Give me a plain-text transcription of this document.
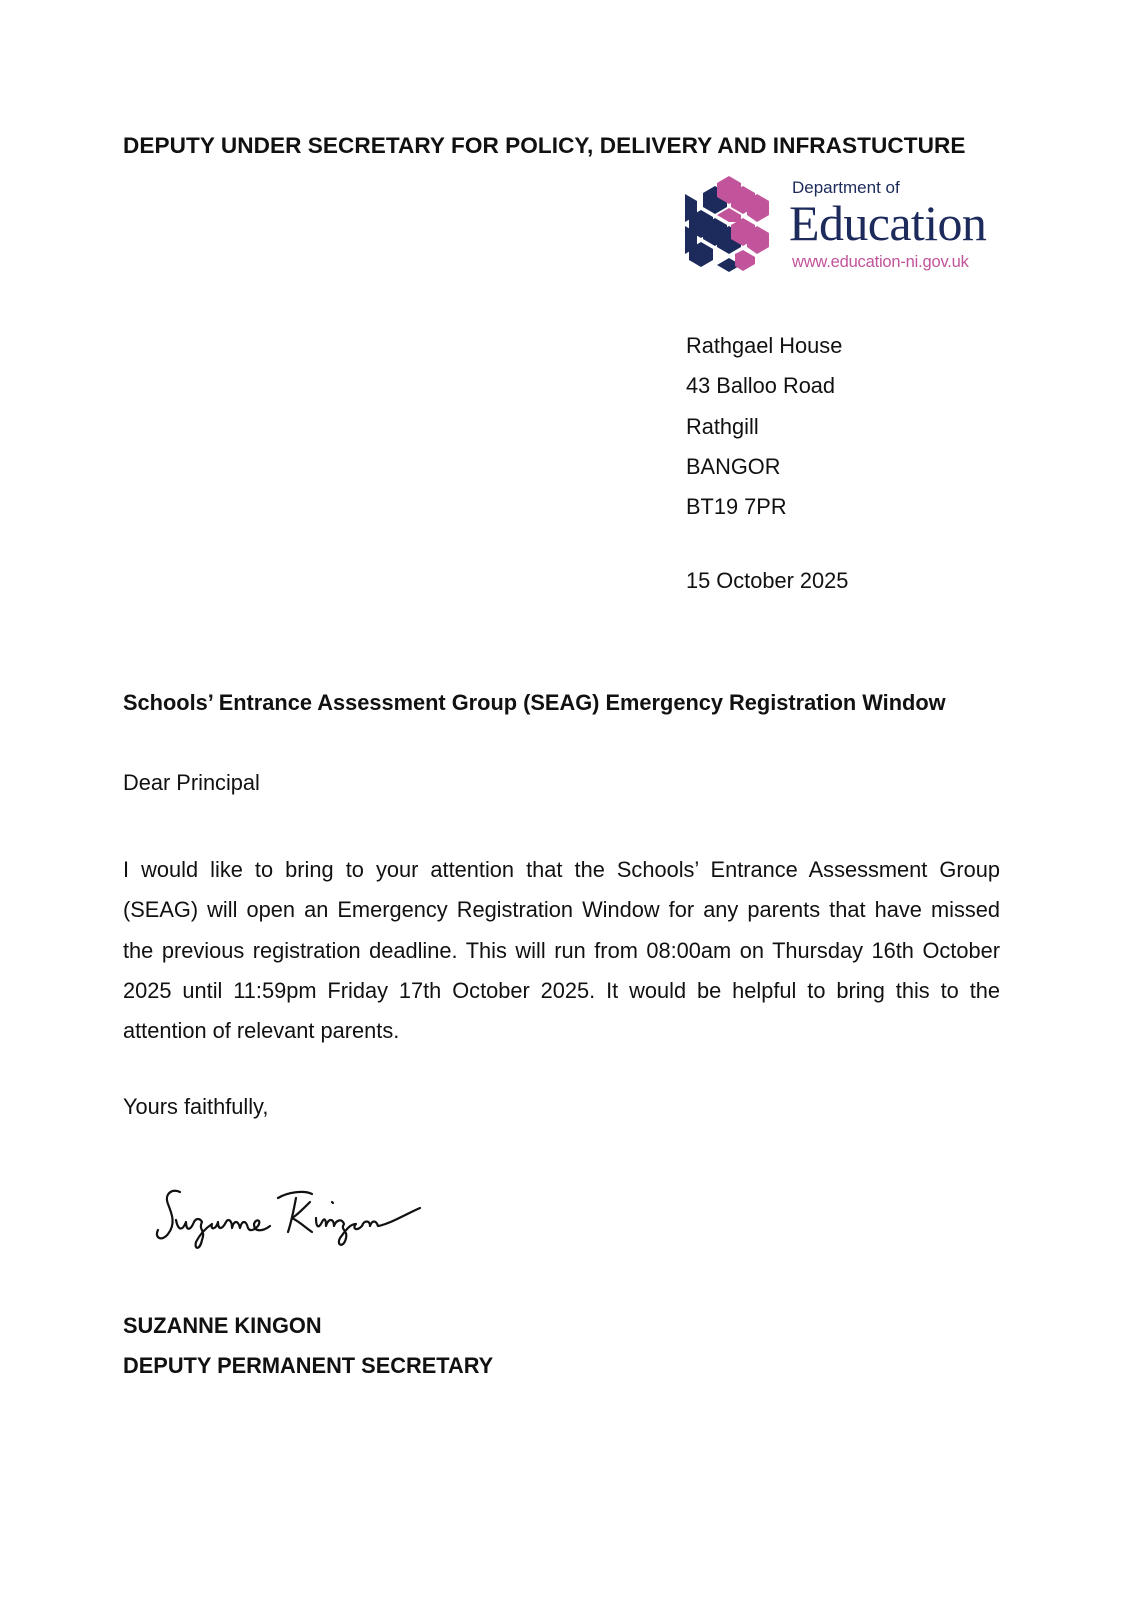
DEPUTY UNDER SECRETARY FOR POLICY, DELIVERY AND INFRASTUCTURE
Department of
Education
www.education-ni.gov.uk
Rathgael House
43 Balloo Road
Rathgill
BANGOR
BT19 7PR
15 October 2025
Schools’ Entrance Assessment Group (SEAG) Emergency Registration Window
Dear Principal
I would like to bring to your attention that the Schools’ Entrance Assessment Group (SEAG) will open an Emergency Registration Window for any parents that have missed the previous registration deadline. This will run from 08:00am on Thursday 16th October 2025 until 11:59pm Friday 17th October 2025. It would be helpful to bring this to the attention of relevant parents.
Yours faithfully,
SUZANNE KINGON
DEPUTY PERMANENT SECRETARY
